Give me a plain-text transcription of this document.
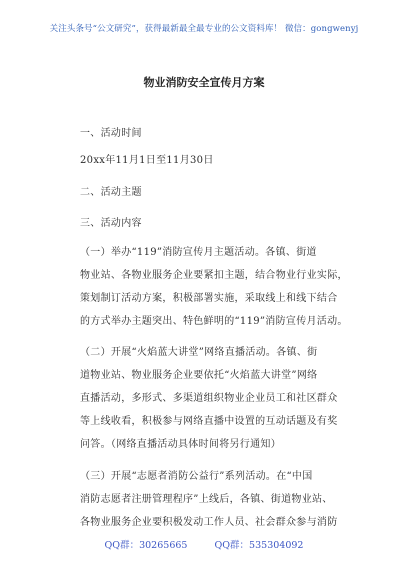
关注头条号“公文研究”，获得最新最全最专业的公文资料库！ 微信：gongwenyj
物业消防安全宣传月方案
一、活动时间
20xx年11月1日至11月30日
二、活动主题
三、活动内容
（一）举办“119”消防宣传月主题活动。各镇、街道
物业站、各物业服务企业要紧扣主题，结合物业行业实际，
策划制订活动方案，积极部署实施，采取线上和线下结合
的方式举办主题突出、特色鲜明的“119”消防宣传月活动。
（二）开展“火焰蓝大讲堂”网络直播活动。各镇、街
道物业站、物业服务企业要依托“火焰蓝大讲堂”网络
直播活动，多形式、多渠道组织物业企业员工和社区群众
等上线收看，积极参与网络直播中设置的互动话题及有奖
问答。（网络直播活动具体时间将另行通知）
（三）开展“志愿者消防公益行”系列活动。在“中国
消防志愿者注册管理程序”上线后，各镇、街道物业站、
各物业服务企业要积极发动工作人员、社会群众参与消防
QQ群：30265665	QQ群：535304092
